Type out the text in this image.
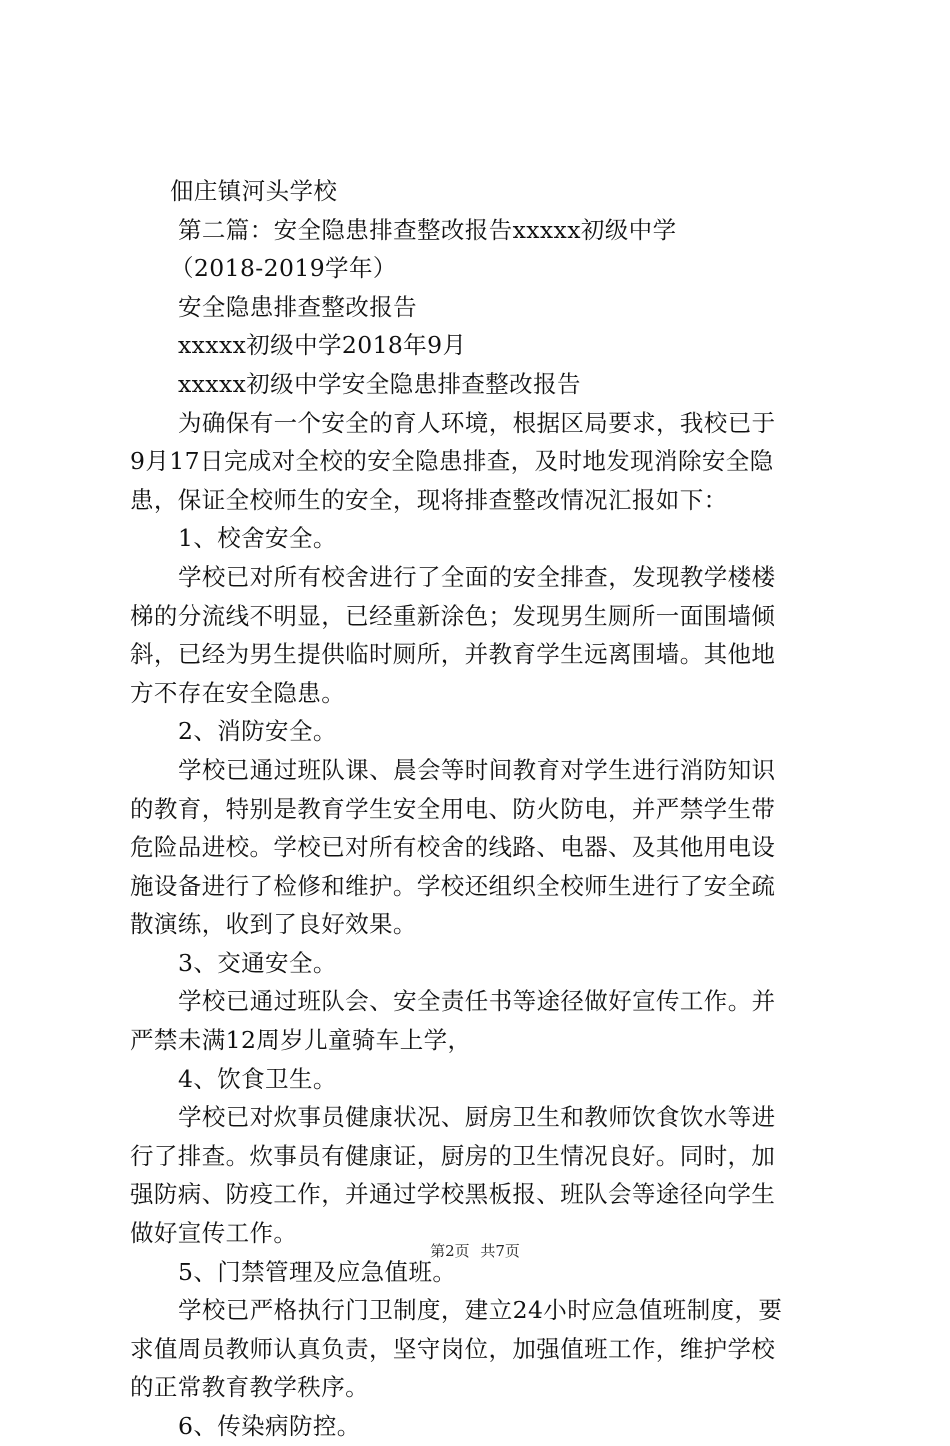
佃庄镇河头学校
第二篇：安全隐患排查整改报告xxxxx初级中学
（2018-2019学年）
安全隐患排查整改报告
xxxxx初级中学2018年9月
xxxxx初级中学安全隐患排查整改报告
为确保有一个安全的育人环境，根据区局要求，我校已于
9月17日完成对全校的安全隐患排查，及时地发现消除安全隐
患，保证全校师生的安全，现将排查整改情况汇报如下：
1、校舍安全。
学校已对所有校舍进行了全面的安全排查，发现教学楼楼
梯的分流线不明显，已经重新涂色；发现男生厕所一面围墙倾
斜，已经为男生提供临时厕所，并教育学生远离围墙。其他地
方不存在安全隐患。
2、消防安全。
学校已通过班队课、晨会等时间教育对学生进行消防知识
的教育，特别是教育学生安全用电、防火防电，并严禁学生带
危险品进校。学校已对所有校舍的线路、电器、及其他用电设
施设备进行了检修和维护。学校还组织全校师生进行了安全疏
散演练，收到了良好效果。
3、交通安全。
学校已通过班队会、安全责任书等途径做好宣传工作。并
严禁未满12周岁儿童骑车上学，
4、饮食卫生。
学校已对炊事员健康状况、厨房卫生和教师饮食饮水等进
行了排查。炊事员有健康证，厨房的卫生情况良好。同时，加
强防病、防疫工作，并通过学校黑板报、班队会等途径向学生
做好宣传工作。
5、门禁管理及应急值班。
学校已严格执行门卫制度，建立24小时应急值班制度，要
求值周员教师认真负责，坚守岗位，加强值班工作，维护学校
的正常教育教学秩序。
6、传染病防控。
第2页 共7页
